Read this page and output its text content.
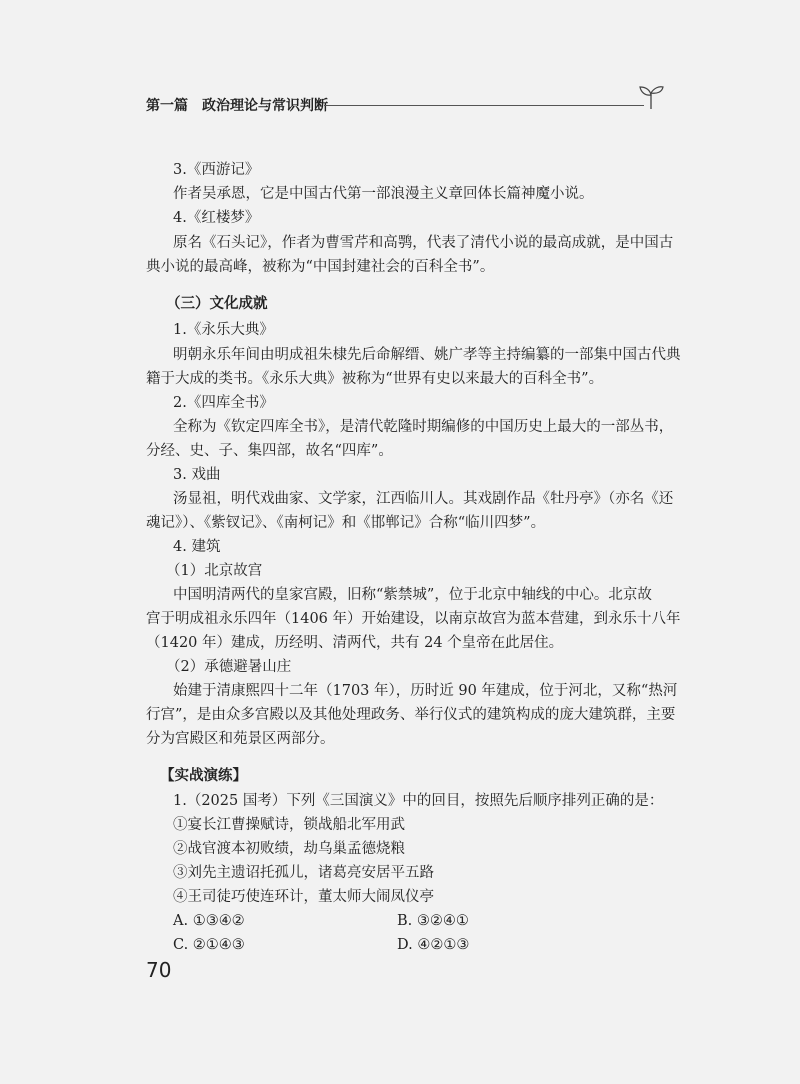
第一篇 政治理论与常识判断
3.《西游记》
作者吴承恩，它是中国古代第一部浪漫主义章回体长篇神魔小说。
4.《红楼梦》
原名《石头记》，作者为曹雪芹和高鹗，代表了清代小说的最高成就，是中国古
典小说的最高峰，被称为“中国封建社会的百科全书”。
（三）文化成就
1.《永乐大典》
明朝永乐年间由明成祖朱棣先后命解缙、姚广孝等主持编纂的一部集中国古代典
籍于大成的类书。《永乐大典》被称为“世界有史以来最大的百科全书”。
2.《四库全书》
全称为《钦定四库全书》，是清代乾隆时期编修的中国历史上最大的一部丛书，
分经、史、子、集四部，故名“四库”。
3. 戏曲
汤显祖，明代戏曲家、文学家，江西临川人。其戏剧作品《牡丹亭》（亦名《还
魂记》）、《紫钗记》、《南柯记》和《邯郸记》合称“临川四梦”。
4. 建筑
（1）北京故宫
中国明清两代的皇家宫殿，旧称“紫禁城”，位于北京中轴线的中心。北京故
宫于明成祖永乐四年（1406 年）开始建设，以南京故宫为蓝本营建，到永乐十八年
（1420 年）建成，历经明、清两代，共有 24 个皇帝在此居住。
（2）承德避暑山庄
始建于清康熙四十二年（1703 年），历时近 90 年建成，位于河北，又称“热河
行宫”，是由众多宫殿以及其他处理政务、举行仪式的建筑构成的庞大建筑群，主要
分为宫殿区和苑景区两部分。
【实战演练】
1.（2025 国考）下列《三国演义》中的回目，按照先后顺序排列正确的是：
①宴长江曹操赋诗，锁战船北军用武
②战官渡本初败绩，劫乌巢孟德烧粮
③刘先主遗诏托孤儿，诸葛亮安居平五路
④王司徒巧使连环计，董太师大闹凤仪亭
A. ①③④②	B. ③②④①
C. ②①④③	D. ④②①③
70
